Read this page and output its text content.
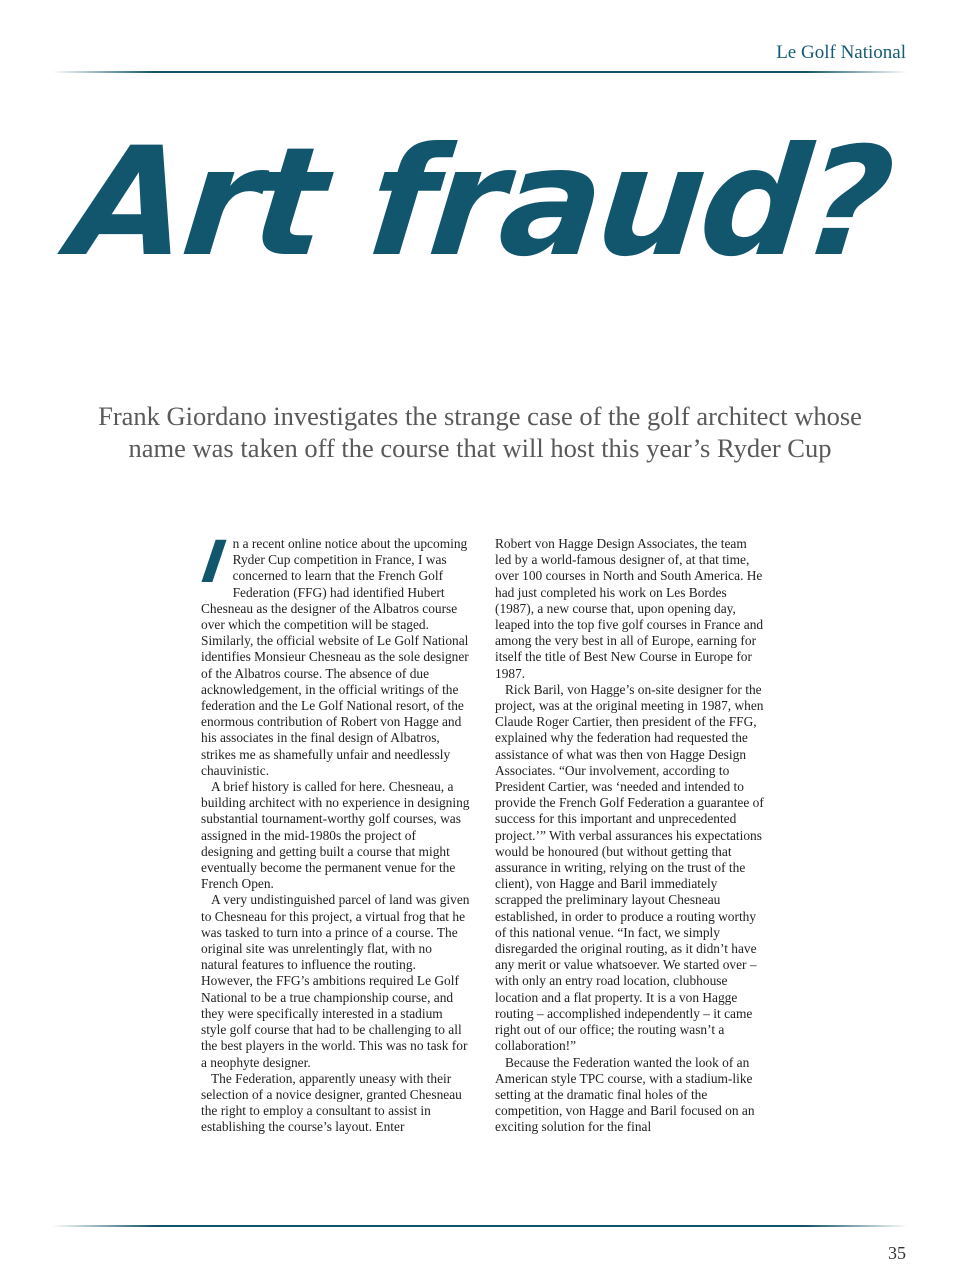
Le Golf National
Art fraud?
Frank Giordano investigates the strange case of the golf architect whose name was taken off the course that will host this year’s Ryder Cup

In a recent online notice about the upcoming Ryder Cup competition in France, I was concerned to learn that the French Golf Federation (FFG) had identified Hubert Chesneau as the designer of the Albatros course over which the competition will be staged. Similarly, the official website of Le Golf National identifies Monsieur Chesneau as the sole designer of the Albatros course. The absence of due acknowledgement, in the official writings of the federation and the Le Golf National resort, of the enormous contribution of Robert von Hagge and his associates in the final design of Albatros, strikes me as shamefully unfair and needlessly chauvinistic.

A brief history is called for here. Chesneau, a building architect with no experience in designing substantial tournament-worthy golf courses, was assigned in the mid-1980s the project of designing and getting built a course that might eventually become the permanent venue for the French Open.

A very undistinguished parcel of land was given to Chesneau for this project, a virtual frog that he was tasked to turn into a prince of a course. The original site was unrelentingly flat, with no natural features to influence the routing. However, the FFG’s ambitions required Le Golf National to be a true championship course, and they were specifically interested in a stadium style golf course that had to be challenging to all the best players in the world. This was no task for a neophyte designer.

The Federation, apparently uneasy with their selection of a novice designer, granted Chesneau the right to employ a consultant to assist in establishing the course’s layout. Enter

Robert von Hagge Design Associates, the team led by a world-famous designer of, at that time, over 100 courses in North and South America. He had just completed his work on Les Bordes (1987), a new course that, upon opening day, leaped into the top five golf courses in France and among the very best in all of Europe, earning for itself the title of Best New Course in Europe for 1987.

Rick Baril, von Hagge’s on-site designer for the project, was at the original meeting in 1987, when Claude Roger Cartier, then president of the FFG, explained why the federation had requested the assistance of what was then von Hagge Design Associates. “Our involvement, according to President Cartier, was ‘needed and intended to provide the French Golf Federation a guarantee of success for this important and unprecedented project.’” With verbal assurances his expectations would be honoured (but without getting that assurance in writing, relying on the trust of the client), von Hagge and Baril immediately scrapped the preliminary layout Chesneau established, in order to produce a routing worthy of this national venue. “In fact, we simply disregarded the original routing, as it didn’t have any merit or value whatsoever. We started over – with only an entry road location, clubhouse location and a flat property. It is a von Hagge routing – accomplished independently – it came right out of our office; the routing wasn’t a collaboration!”

Because the Federation wanted the look of an American style TPC course, with a stadium-like setting at the dramatic final holes of the competition, von Hagge and Baril focused on an exciting solution for the final

35
